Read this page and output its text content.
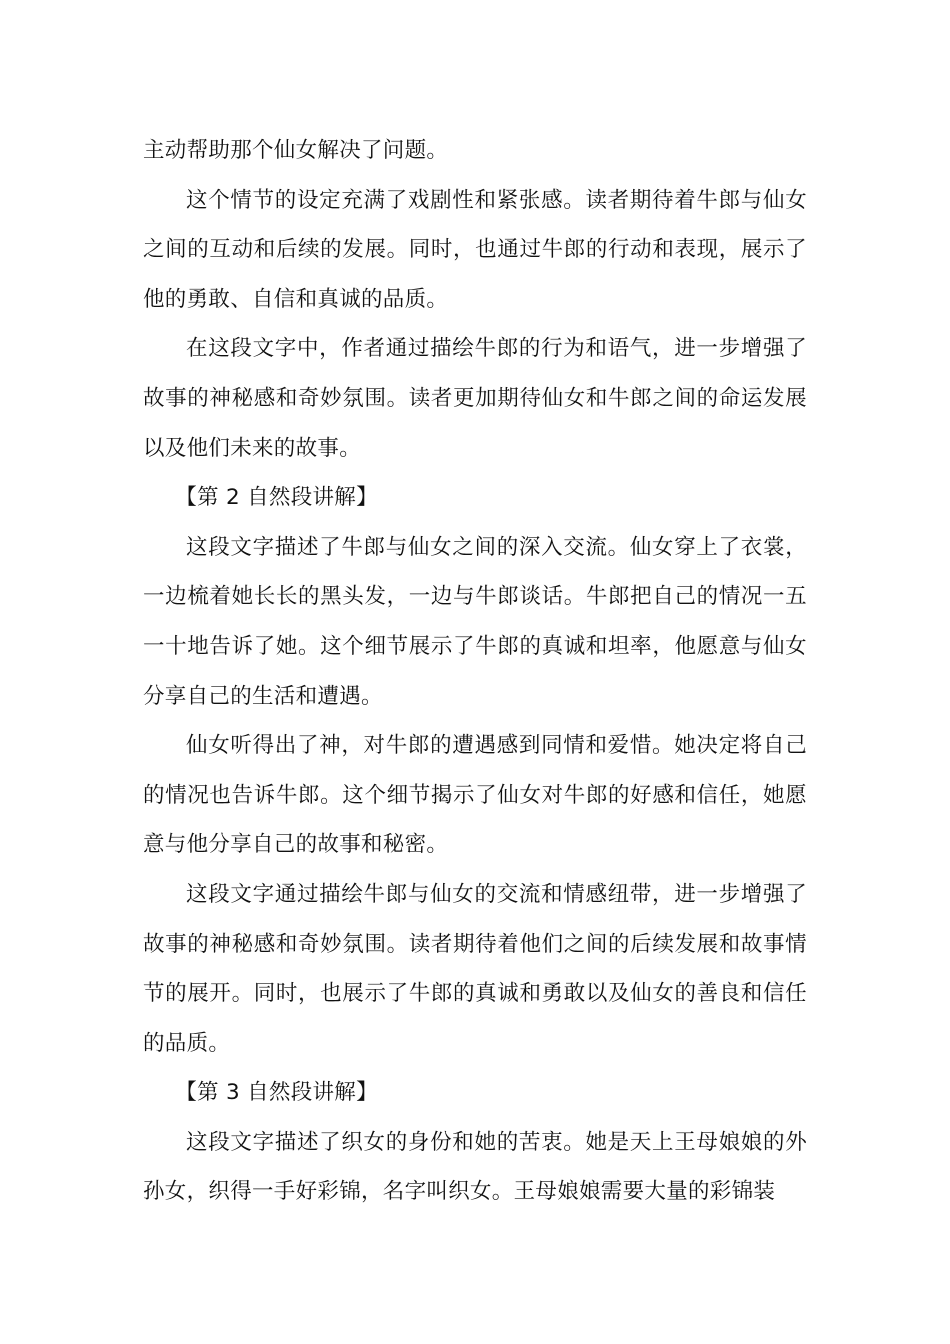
主动帮助那个仙女解决了问题。

这个情节的设定充满了戏剧性和紧张感。读者期待着牛郎与仙女之间的互动和后续的发展。同时，也通过牛郎的行动和表现，展示了他的勇敢、自信和真诚的品质。

在这段文字中，作者通过描绘牛郎的行为和语气，进一步增强了故事的神秘感和奇妙氛围。读者更加期待仙女和牛郎之间的命运发展以及他们未来的故事。

【第 2 自然段讲解】

这段文字描述了牛郎与仙女之间的深入交流。仙女穿上了衣裳，一边梳着她长长的黑头发，一边与牛郎谈话。牛郎把自己的情况一五一十地告诉了她。这个细节展示了牛郎的真诚和坦率，他愿意与仙女分享自己的生活和遭遇。

仙女听得出了神，对牛郎的遭遇感到同情和爱惜。她决定将自己的情况也告诉牛郎。这个细节揭示了仙女对牛郎的好感和信任，她愿意与他分享自己的故事和秘密。

这段文字通过描绘牛郎与仙女的交流和情感纽带，进一步增强了故事的神秘感和奇妙氛围。读者期待着他们之间的后续发展和故事情节的展开。同时，也展示了牛郎的真诚和勇敢以及仙女的善良和信任的品质。

【第 3 自然段讲解】

这段文字描述了织女的身份和她的苦衷。她是天上王母娘娘的外孙女，织得一手好彩锦，名字叫织女。王母娘娘需要大量的彩锦装
